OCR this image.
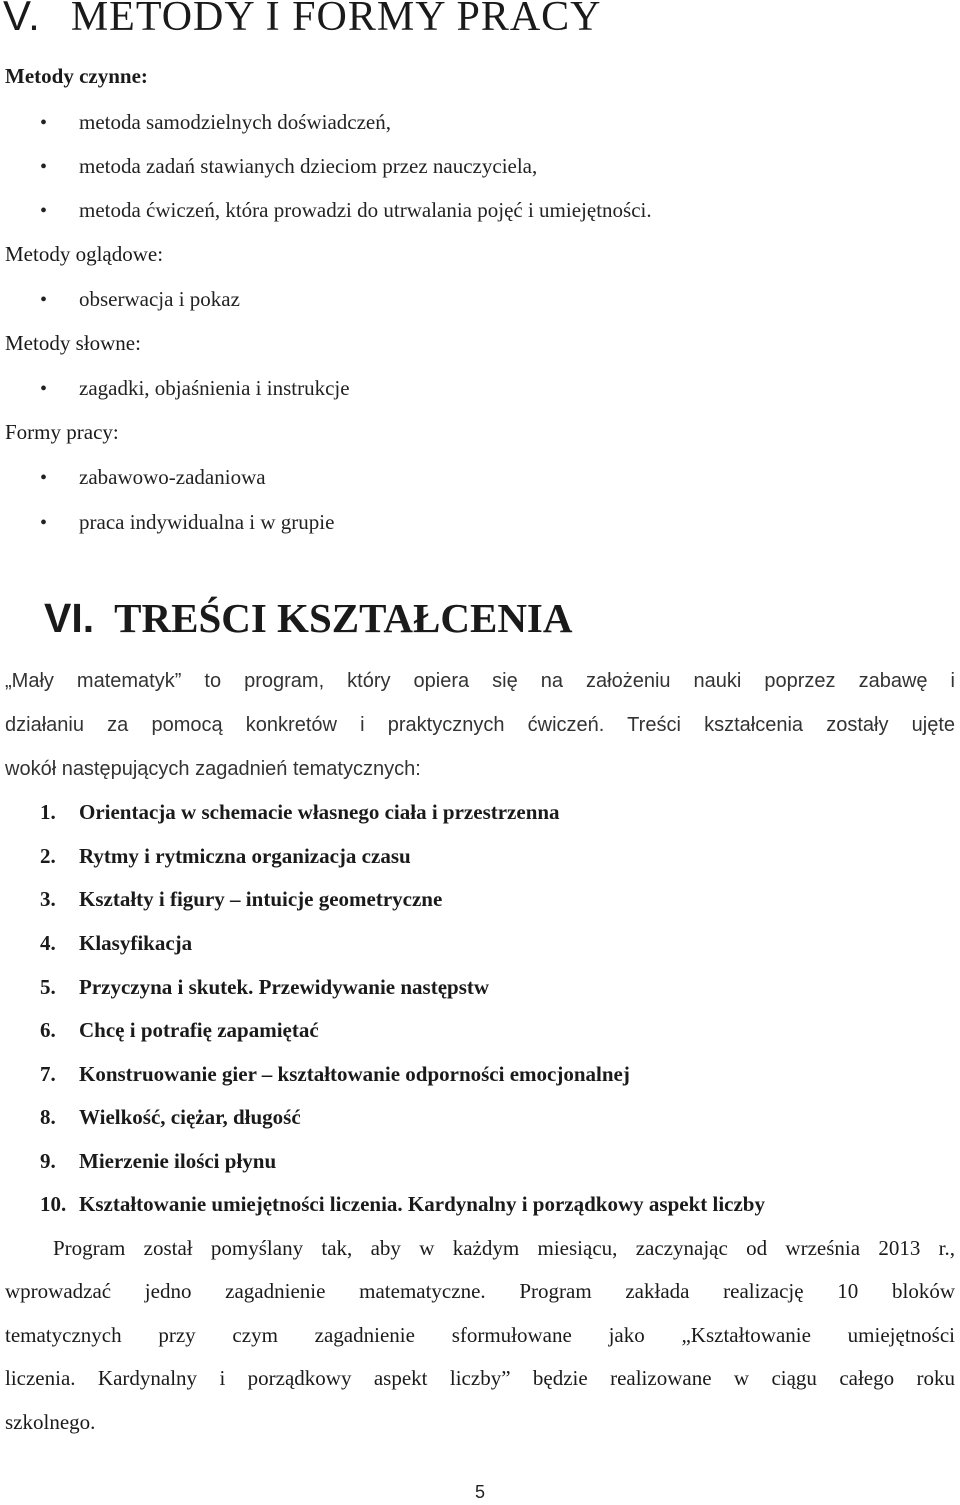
V. METODY I FORMY PRACY
Metody czynne:
• metoda samodzielnych doświadczeń,
• metoda zadań stawianych dzieciom przez nauczyciela,
• metoda ćwiczeń, która prowadzi do utrwalania pojęć i umiejętności.
Metody oglądowe:
• obserwacja i pokaz
Metody słowne:
• zagadki, objaśnienia i instrukcje
Formy pracy:
• zabawowo-zadaniowa
• praca indywidualna i w grupie
VI. TREŚCI KSZTAŁCENIA
„Mały matematyk” to program, który opiera się na założeniu nauki poprzez zabawę i
działaniu za pomocą konkretów i praktycznych ćwiczeń. Treści kształcenia zostały ujęte
wokół następujących zagadnień tematycznych:
1. Orientacja w schemacie własnego ciała i przestrzenna
2. Rytmy i rytmiczna organizacja czasu
3. Kształty i figury – intuicje geometryczne
4. Klasyfikacja
5. Przyczyna i skutek. Przewidywanie następstw
6. Chcę i potrafię zapamiętać
7. Konstruowanie gier – kształtowanie odporności emocjonalnej
8. Wielkość, ciężar, długość
9. Mierzenie ilości płynu
10. Kształtowanie umiejętności liczenia. Kardynalny i porządkowy aspekt liczby
Program został pomyślany tak, aby w każdym miesiącu, zaczynając od września 2013 r.,
wprowadzać jedno zagadnienie matematyczne. Program zakłada realizację 10 bloków
tematycznych przy czym zagadnienie sformułowane jako „Kształtowanie umiejętności
liczenia. Kardynalny i porządkowy aspekt liczby” będzie realizowane w ciągu całego roku
szkolnego.
5
